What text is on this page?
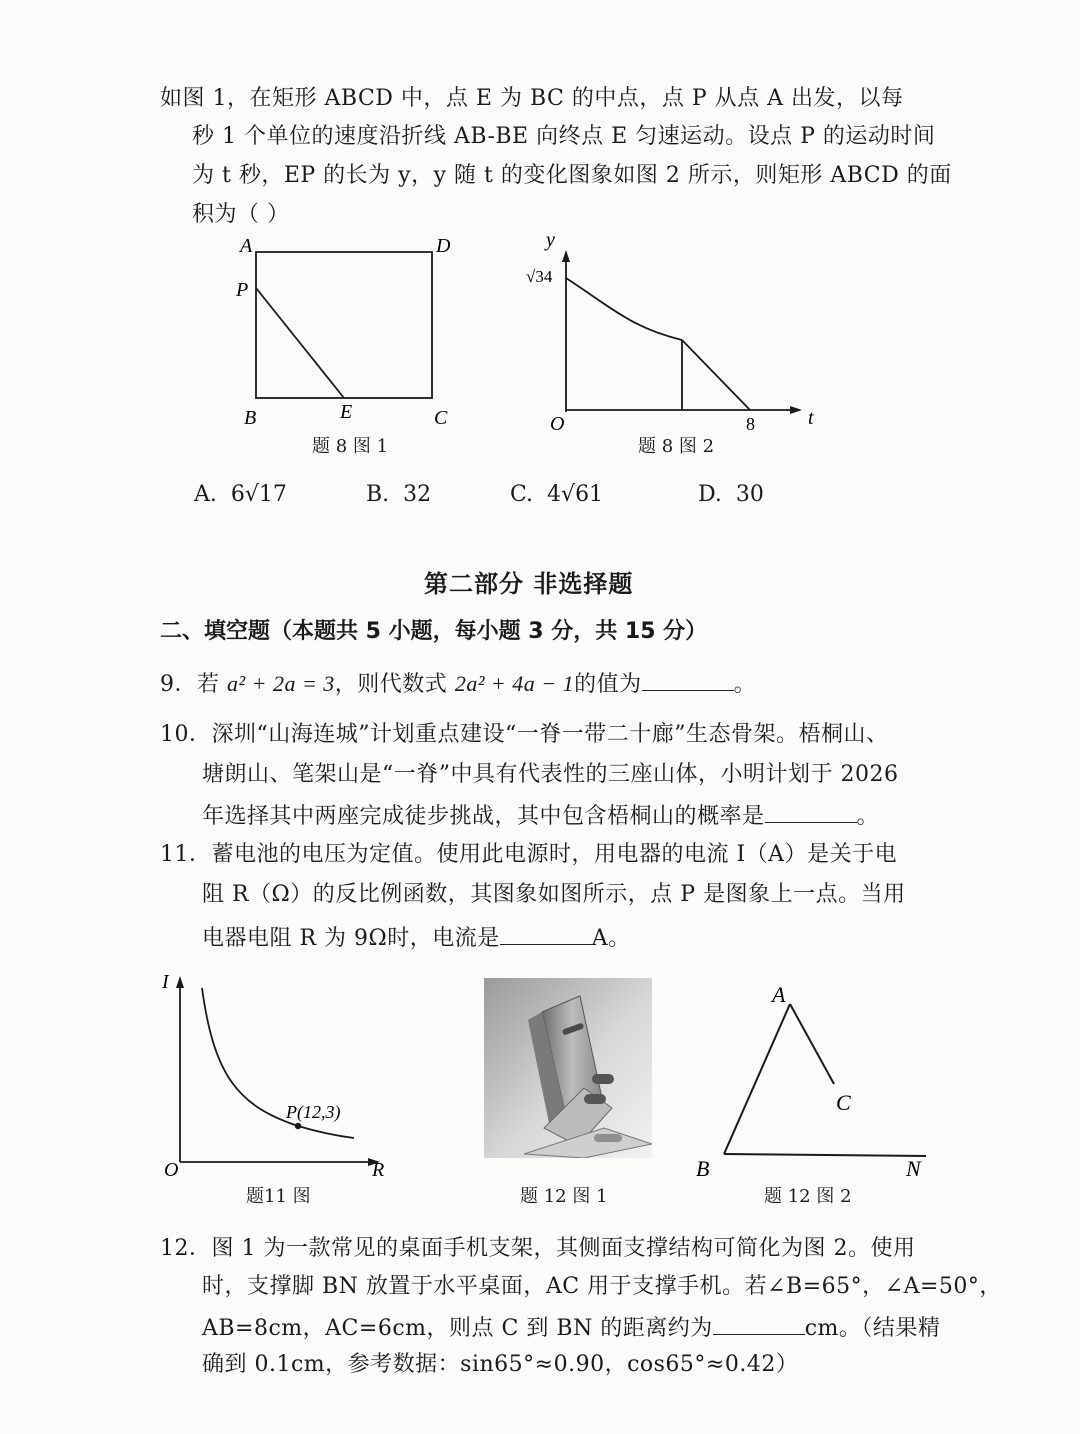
如图 1，在矩形 ABCD 中，点 E 为 BC 的中点，点 P 从点 A 出发，以每
秒 1 个单位的速度沿折线 AB-BE 向终点 E 匀速运动。设点 P 的运动时间
为 t 秒，EP 的长为 y，y 随 t 的变化图象如图 2 所示，则矩形 ABCD 的面
积为（ ）
A	D
P
B	E	C
题 8 图 1
y
√34
O	8	t
题 8 图 2
A. 6√17	B. 32	C. 4√61	D. 30
第二部分 非选择题
二、填空题（本题共 5 小题，每小题 3 分，共 15 分）
9．若 a² + 2a = 3，则代数式 2a² + 4a − 1的值为	。
10．深圳“山海连城”计划重点建设“一脊一带二十廊”生态骨架。梧桐山、
塘朗山、笔架山是“一脊”中具有代表性的三座山体，小明计划于 2026
年选择其中两座完成徒步挑战，其中包含梧桐山的概率是	。
11．蓄电池的电压为定值。使用此电源时，用电器的电流 I（A）是关于电
阻 R（Ω）的反比例函数，其图象如图所示，点 P 是图象上一点。当用
电器电阻 R 为 9Ω时，电流是	A。
I
P(12,3)
O	R
题11 图	题 12 图 1
A
C
B	N
题 12 图 2
12．图 1 为一款常见的桌面手机支架，其侧面支撑结构可简化为图 2。使用
时，支撑脚 BN 放置于水平桌面，AC 用于支撑手机。若∠B=65°，∠A=50°，
AB=8cm，AC=6cm，则点 C 到 BN 的距离约为	cm。（结果精
确到 0.1cm，参考数据：sin65°≈0.90，cos65°≈0.42）
